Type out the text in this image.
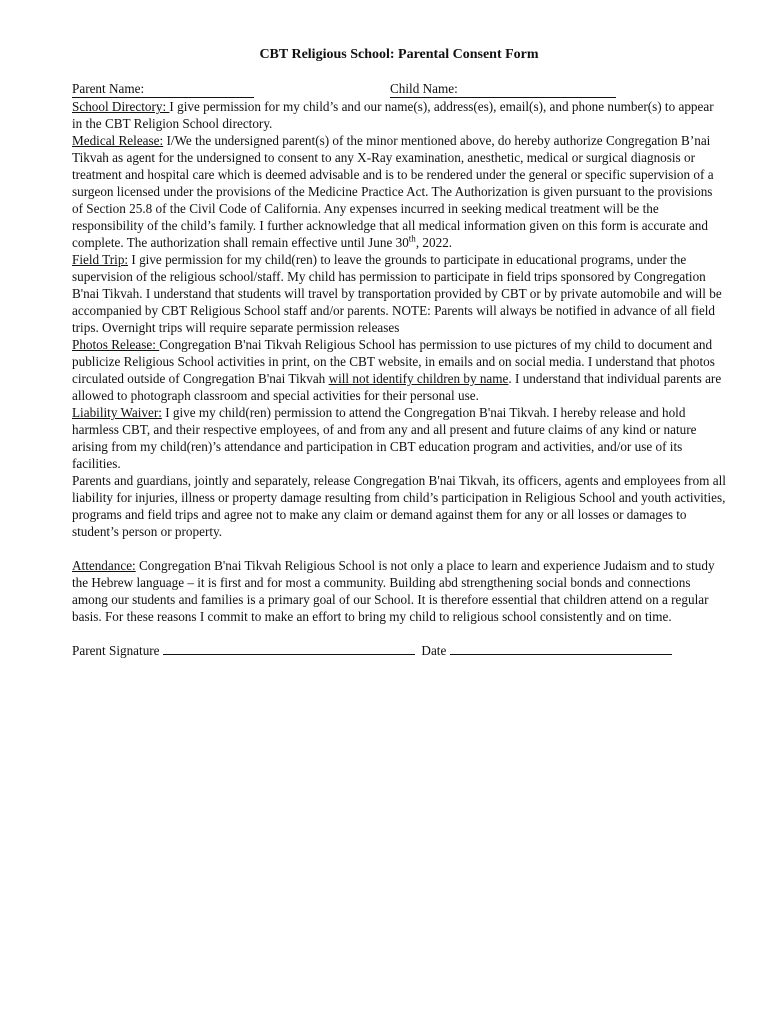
CBT Religious School: Parental Consent Form
Parent Name:	Child Name:

School Directory: I give permission for my child’s and our name(s), address(es), email(s), and phone number(s) to appear in the CBT Religion School directory.

Medical Release: I/We the undersigned parent(s) of the minor mentioned above, do hereby authorize Congregation B’nai Tikvah as agent for the undersigned to consent to any X-Ray examination, anesthetic, medical or surgical diagnosis or treatment and hospital care which is deemed advisable and is to be rendered under the general or specific supervision of a surgeon licensed under the provisions of the Medicine Practice Act. The Authorization is given pursuant to the provisions of Section 25.8 of the Civil Code of California. Any expenses incurred in seeking medical treatment will be the responsibility of the child’s family. I further acknowledge that all medical information given on this form is accurate and complete. The authorization shall remain effective until June 30th, 2022.

Field Trip: I give permission for my child(ren) to leave the grounds to participate in educational programs, under the supervision of the religious school/staff. My child has permission to participate in field trips sponsored by Congregation B'nai Tikvah. I understand that students will travel by transportation provided by CBT or by private automobile and will be accompanied by CBT Religious School staff and/or parents. NOTE: Parents will always be notified in advance of all field trips. Overnight trips will require separate permission releases

Photos Release: Congregation B'nai Tikvah Religious School has permission to use pictures of my child to document and publicize Religious School activities in print, on the CBT website, in emails and on social media. I understand that photos circulated outside of Congregation B'nai Tikvah will not identify children by name. I understand that individual parents are allowed to photograph classroom and special activities for their personal use.

Liability Waiver: I give my child(ren) permission to attend the Congregation B'nai Tikvah. I hereby release and hold harmless CBT, and their respective employees, of and from any and all present and future claims of any kind or nature arising from my child(ren)’s attendance and participation in CBT education program and activities, and/or use of its facilities.

Parents and guardians, jointly and separately, release Congregation B'nai Tikvah, its officers, agents and employees from all liability for injuries, illness or property damage resulting from child’s participation in Religious School and youth activities, programs and field trips and agree not to make any claim or demand against them for any or all losses or damages to student’s person or property.

Attendance: Congregation B'nai Tikvah Religious School is not only a place to learn and experience Judaism and to study the Hebrew language – it is first and for most a community. Building abd strengthening social bonds and connections among our students and families is a primary goal of our School. It is therefore essential that children attend on a regular basis. For these reasons I commit to make an effort to bring my child to religious school consistently and on time.

Parent Signature	Date
